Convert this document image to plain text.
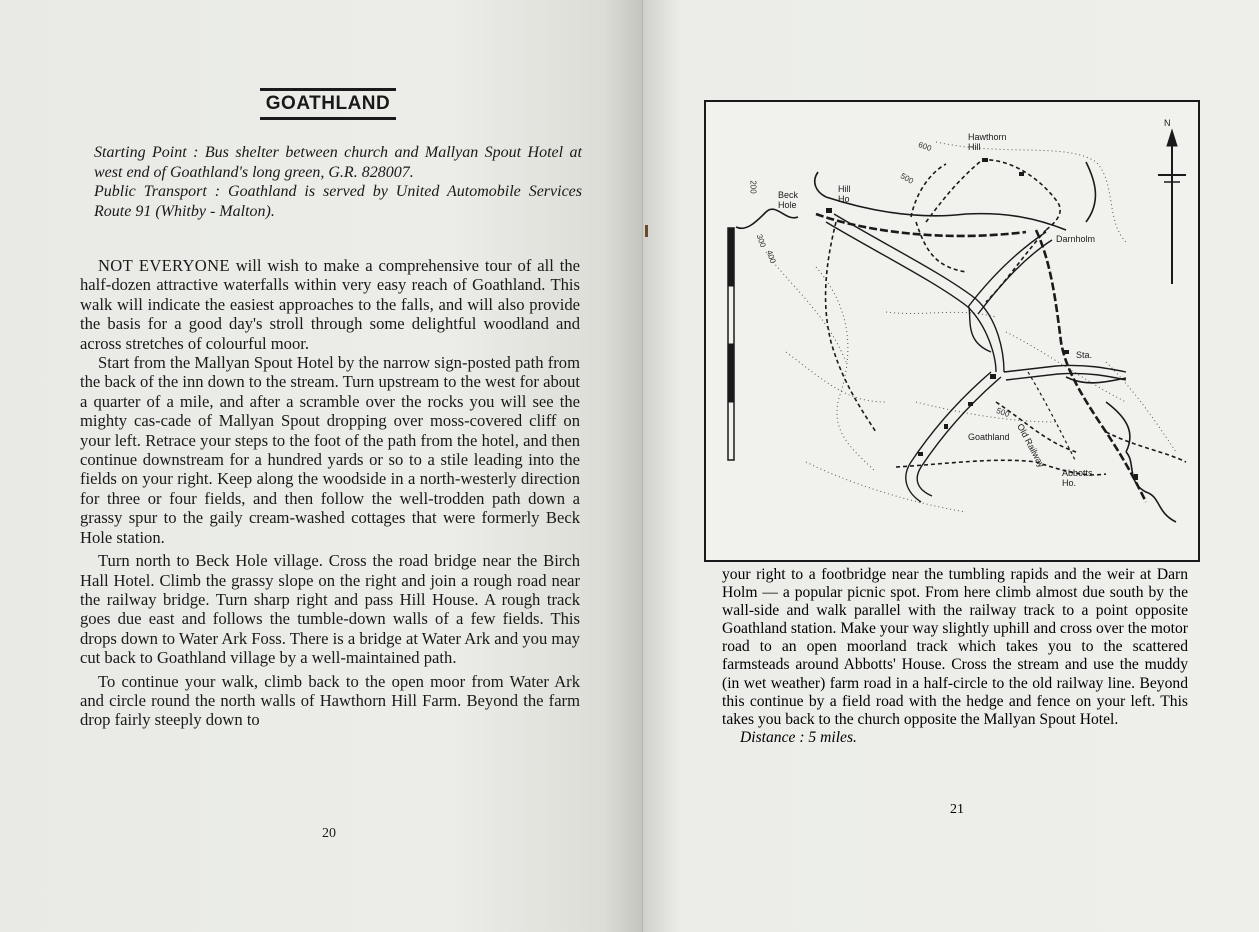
GOATHLAND

Starting Point : Bus shelter between church and Mallyan Spout Hotel at west end of Goathland's long green, G.R. 828007.

Public Transport : Goathland is served by United Automobile Services Route 91 (Whitby - Malton).

NOT EVERYONE will wish to make a comprehensive tour of all the half-dozen attractive waterfalls within very easy reach of Goathland. This walk will indicate the easiest approaches to the falls, and will also provide the basis for a good day's stroll through some delightful woodland and across stretches of colourful moor.

Start from the Mallyan Spout Hotel by the narrow sign-posted path from the back of the inn down to the stream. Turn upstream to the west for about a quarter of a mile, and after a scramble over the rocks you will see the mighty cas-cade of Mallyan Spout dropping over moss-covered cliff on your left. Retrace your steps to the foot of the path from the hotel, and then continue downstream for a hundred yards or so to a stile leading into the fields on your right. Keep along the woodside in a north-westerly direction for three or four fields, and then follow the well-trodden path down a grassy spur to the gaily cream-washed cottages that were formerly Beck Hole station.

Turn north to Beck Hole village. Cross the road bridge near the Birch Hall Hotel. Climb the grassy slope on the right and join a rough road near the railway bridge. Turn sharp right and pass Hill House. A rough track goes due east and follows the tumble-down walls of a few fields. This drops down to Water Ark Foss. There is a bridge at Water Ark and you may cut back to Goathland village by a well-maintained path.

To continue your walk, climb back to the open moor from Water Ark and circle round the north walls of Hawthorn Hill Farm. Beyond the farm drop fairly steeply down to

20
N
Hawthorn Hill
Beck Hole
Hill Ho
Darnholm
Sta.
Goathland Old Railway
Abbotts Ho.
600
500
200
300
400
500

your right to a footbridge near the tumbling rapids and the weir at Darn Holm — a popular picnic spot. From here climb almost due south by the wall-side and walk parallel with the railway track to a point opposite Goathland station. Make your way slightly uphill and cross over the motor road to an open moorland track which takes you to the scattered farmsteads around Abbotts' House. Cross the stream and use the muddy (in wet weather) farm road in a half-circle to the old railway line. Beyond this continue by a field road with the hedge and fence on your left. This takes you back to the church opposite the Mallyan Spout Hotel.

Distance : 5 miles.

21
